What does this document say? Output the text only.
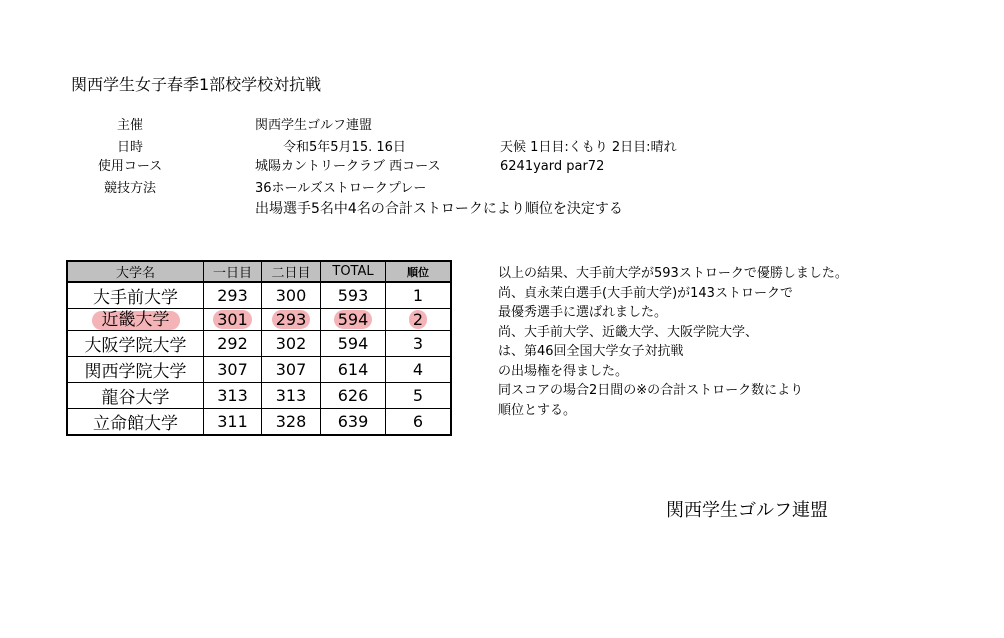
関西学生女子春季1部校学校対抗戦
主催	関西学生ゴルフ連盟
日時	令和5年5月15. 16日	天候 1日目:くもり 2日目:晴れ
使用コース	城陽カントリークラブ 西コース	6241yard par72
競技方法	36ホールズストロークプレー
出場選手5名中4名の合計ストロークにより順位を決定する
大学名	一日目	二日目	TOTAL	順位
大手前大学	293	300	593	1
近畿大学	301	293	594	2
大阪学院大学	292	302	594	3
関西学院大学	307	307	614	4
龍谷大学	313	313	626	5
立命館大学	311	328	639	6
以上の結果、大手前大学が593ストロークで優勝しました。
尚、貞永茉白選手(大手前大学)が143ストロークで
最優秀選手に選ばれました。
尚、大手前大学、近畿大学、大阪学院大学、
は、第46回全国大学女子対抗戦
の出場権を得ました。
同スコアの場合2日間の※の合計ストローク数により
順位とする。
関西学生ゴルフ連盟
